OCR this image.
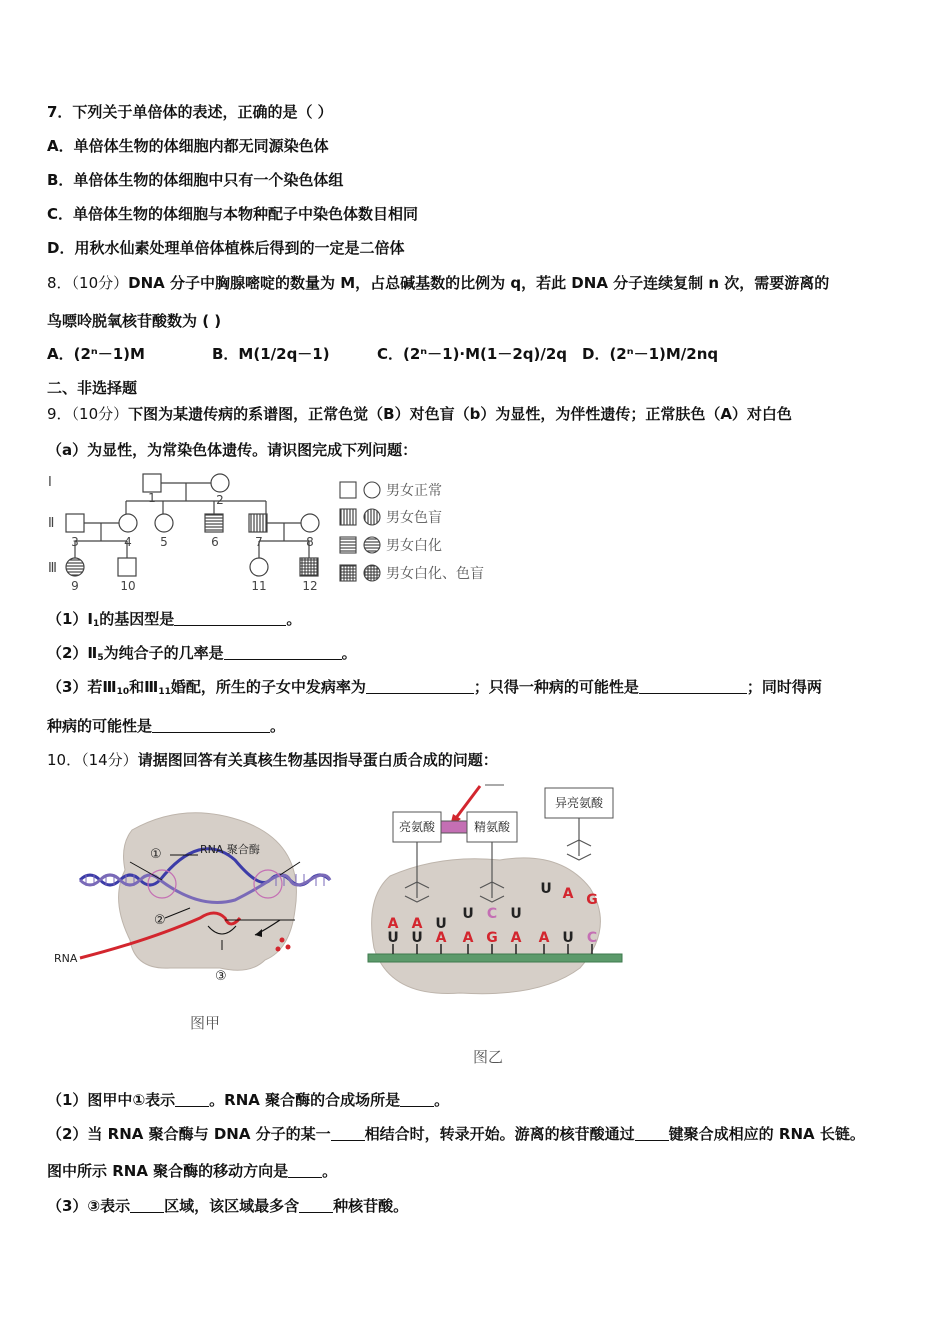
7．下列关于单倍体的表述，正确的是（ ）
A．单倍体生物的体细胞内都无同源染色体
B．单倍体生物的体细胞中只有一个染色体组
C．单倍体生物的体细胞与本物种配子中染色体数目相同
D．用秋水仙素处理单倍体植株后得到的一定是二倍体
8．（10分）DNA 分子中胸腺嘧啶的数量为 M，占总碱基数的比例为 q，若此 DNA 分子连续复制 n 次，需要游离的
鸟嘌呤脱氧核苷酸数为 ( )
A．(2ⁿ－1)M	B．M(1/2q－1)	C．(2ⁿ－1)·M(1－2q)/2q D．(2ⁿ－1)M/2nq
二、非选择题
9．（10分）下图为某遗传病的系谱图，正常色觉（B）对色盲（b）为显性，为伴性遗传；正常肤色（A）对白色
（a）为显性，为常染色体遗传。请识图完成下列问题：
Ⅰ
Ⅱ
Ⅲ
1	2
3	4 5	6	7	8
9	10	11	12
男女正常
男女色盲
男女白化
男女白化、色盲
$(1)Ⅰ_1$的基因型是	。
$(2)Ⅱ_5$为纯合子的几率是	。
（3）若$Ⅲ_{10}$和$Ⅲ_{11}$婚配，所生的子女中发病率为	；只得一种病的可能性是	；同时得两
种病的可能性是	。
10．（14分）请据图回答有关真核生物基因指导蛋白质合成的问题：
①	RNA 聚合酶
②
③
RNA
图甲
亮氨酸	精氨酸
异亮氨酸
A A U
U C U
U A G
U U A A G A A U C
图乙
（1）图甲中①表示 。RNA 聚合酶的合成场所是 。
（2）当 RNA 聚合酶与 DNA 分子的某一 相结合时，转录开始。游离的核苷酸通过 键聚合成相应的 RNA 长链。
图中所示 RNA 聚合酶的移动方向是 。
（3）③表示 区域，该区域最多含 种核苷酸。
